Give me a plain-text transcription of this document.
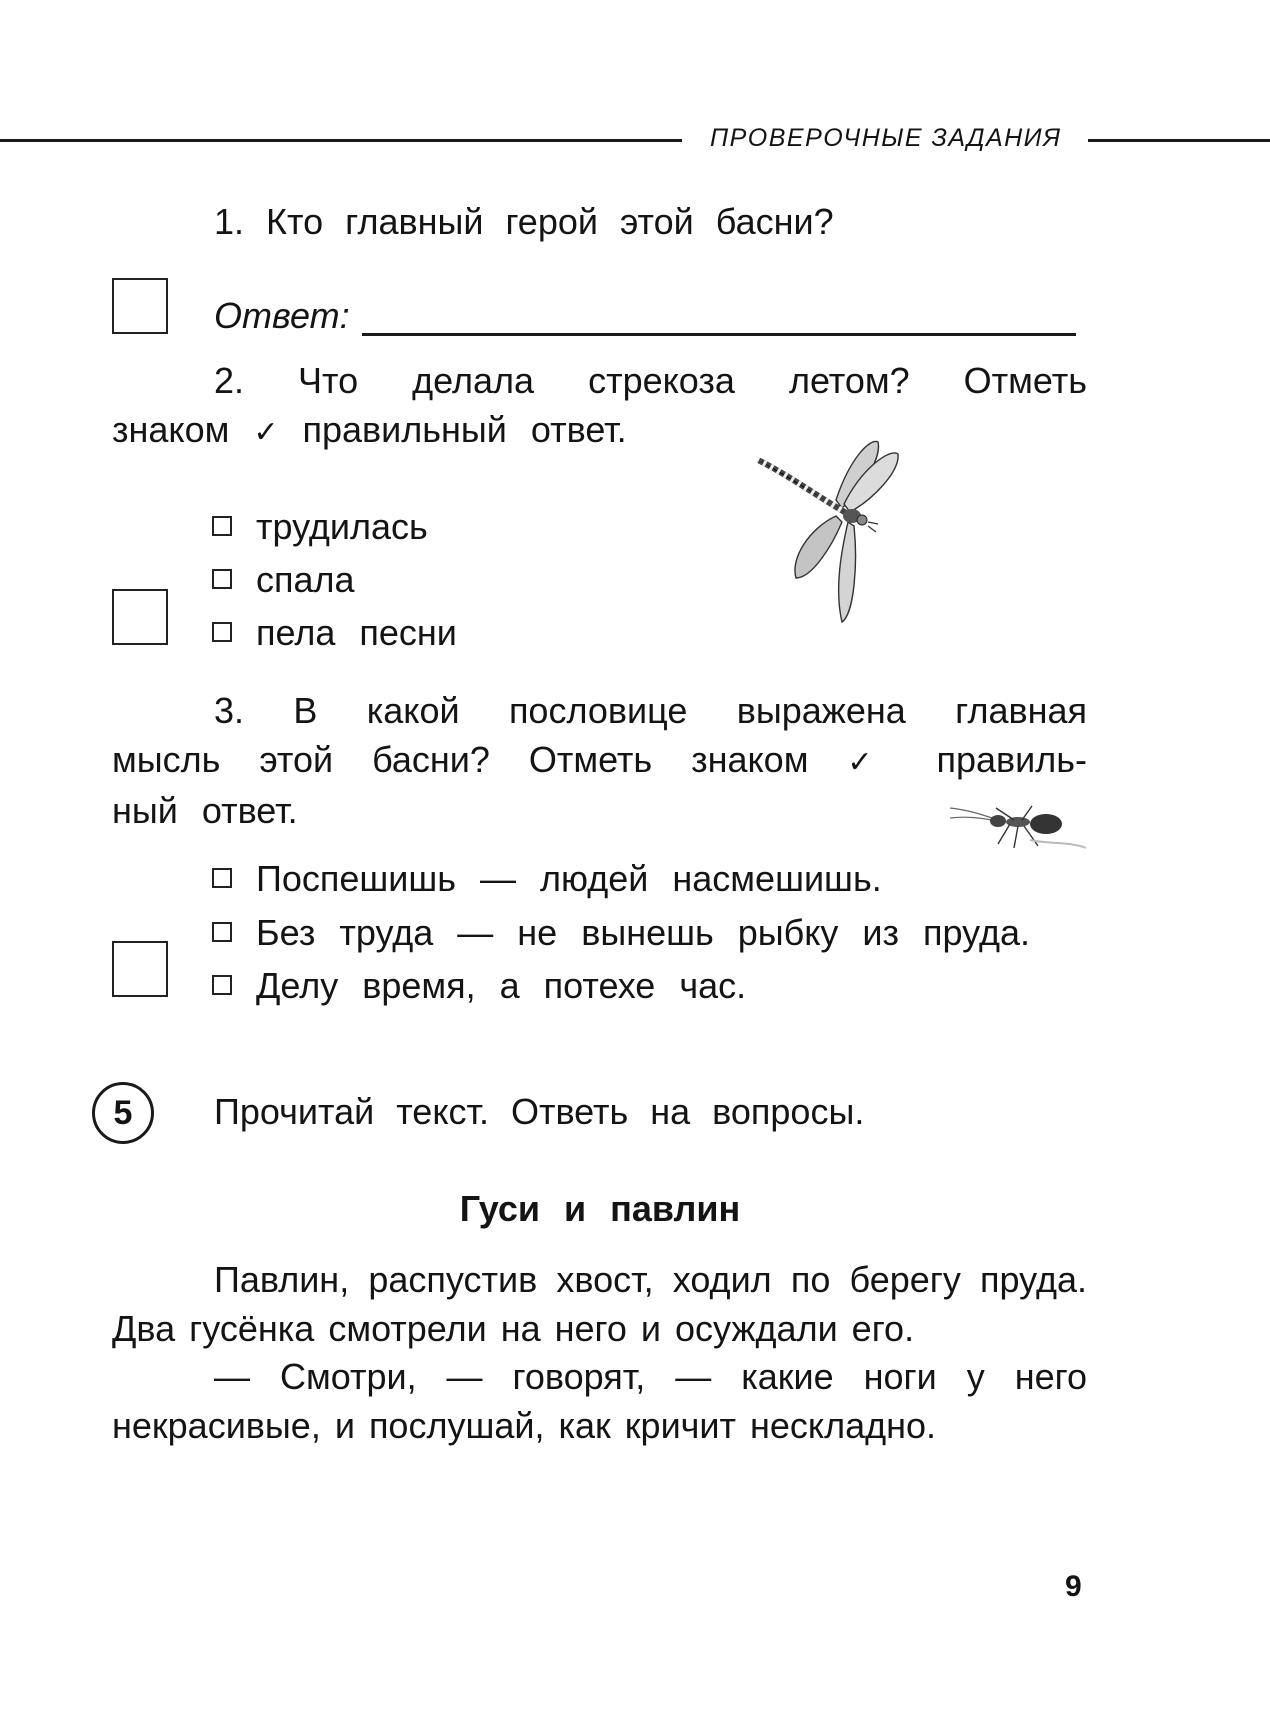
ПРОВЕРОЧНЫЕ ЗАДАНИЯ
1. Кто главный герой этой басни?
Ответ:

2. Что делала стрекоза летом? Отметь

знаком ✓ правильный ответ.

трудилась
спала
пела песни

3. В какой пословице выражена главная

мысль этой басни? Отметь знаком ✓ правиль-

ный ответ.

Поспешишь — людей насмешишь.
Без труда — не вынешь рыбку из пруда.
Делу время, а потехе час.
5	Прочитай текст. Ответь на вопросы.
Гуси и павлин

Павлин, распустив хвост, ходил по берегу пруда. Два гусёнка смотрели на него и осуждали его.

— Смотри, — говорят, — какие ноги у него некрасивые, и послушай, как кричит нескладно.

9
